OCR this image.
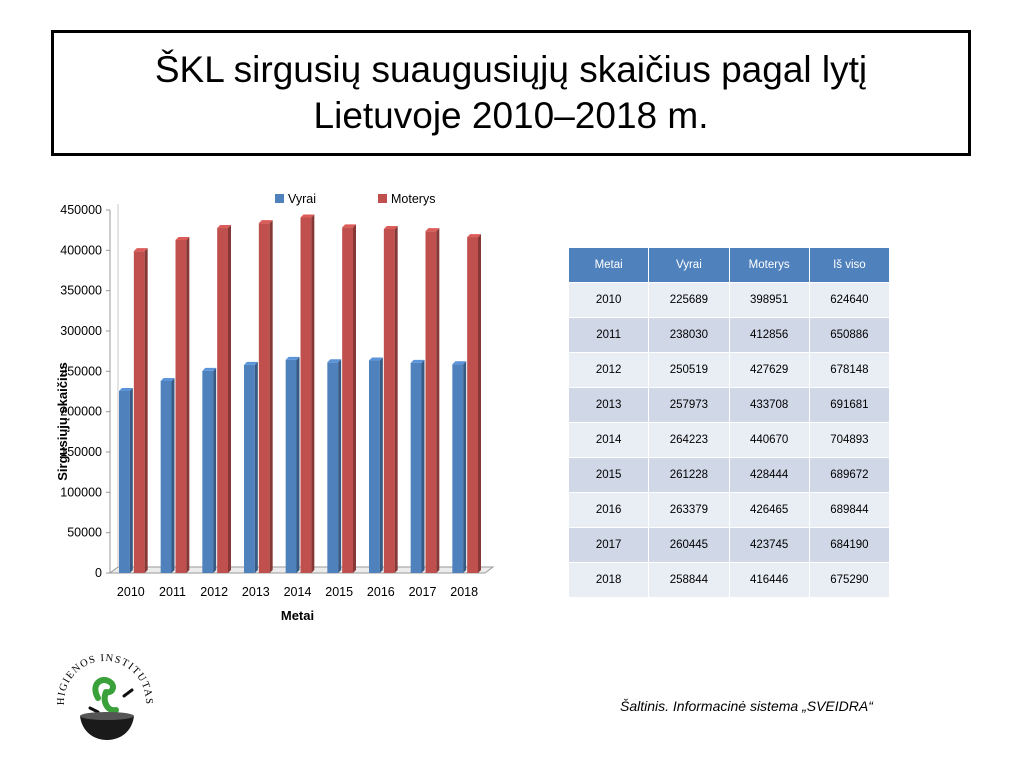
ŠKL sirgusių suaugusiųjų skaičius pagal lytį
Lietuvoje 2010–2018 m.
0
50000
100000
150000
200000
250000
300000
350000
400000
450000
2010 2011 2012 2013 2014 2015 2016 2017 2018
Metai
Sirgusiųjų skaičius
Vyrai	Moterys
Metai	Vyrai	Moterys	Iš viso
2010	225689	398951	624640
2011	238030	412856	650886
2012	250519	427629	678148
2013	257973	433708	691681
2014	264223	440670	704893
2015	261228	428444	689672
2016	263379	426465	689844
2017	260445	423745	684190
2018	258844	416446	675290
Šaltinis. Informacinė sistema „SVEIDRA“
HIGIENOS INSTITUTAS
